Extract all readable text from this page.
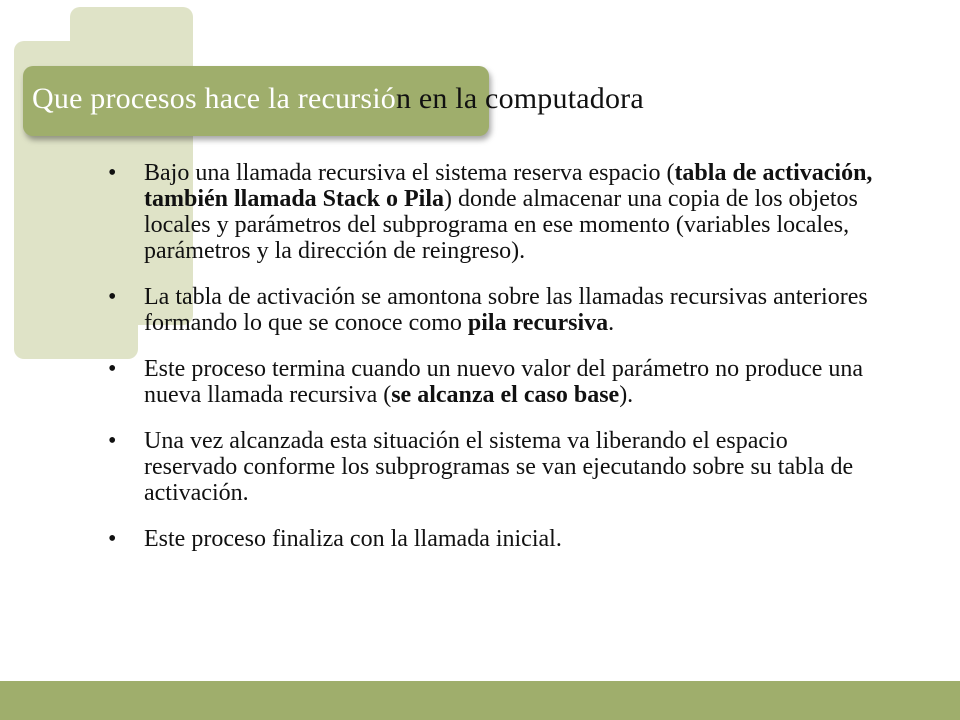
Que procesos hace la recursión en la computadora
• Bajo una llamada recursiva el sistema reserva espacio (tabla de activación, también llamada Stack o Pila) donde almacenar una copia de los objetos locales y parámetros del subprograma en ese momento (variables locales, parámetros y la dirección de reingreso).
• La tabla de activación se amontona sobre las llamadas recursivas anteriores formando lo que se conoce como pila recursiva.
• Este proceso termina cuando un nuevo valor del parámetro no produce una nueva llamada recursiva (se alcanza el caso base).
• Una vez alcanzada esta situación el sistema va liberando el espacio reservado conforme los subprogramas se van ejecutando sobre su tabla de activación.
• Este proceso finaliza con la llamada inicial.
